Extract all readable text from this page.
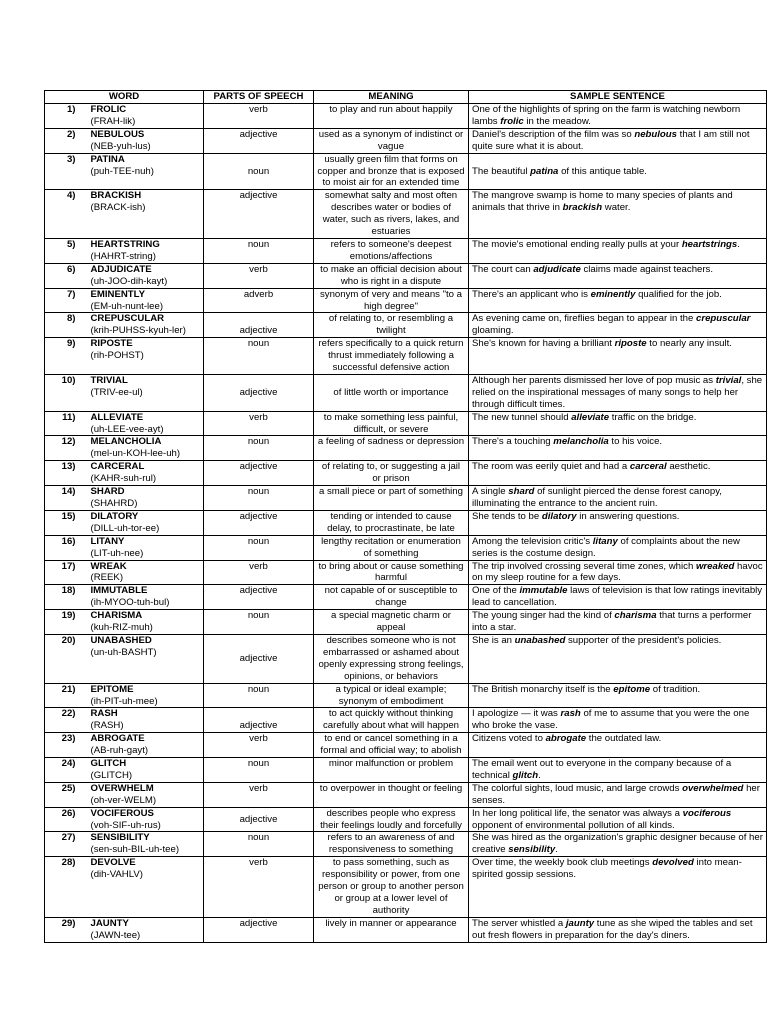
WORD		PARTS OF SPEECH	MEANING	SAMPLE SENTENCE
1)	FROLIC
(FRAH-lik)	verb	to play and run about happily	One of the highlights of spring on the farm is watching newborn lambs frolic in the meadow.
2)	NEBULOUS
(NEB-yuh-lus)	adjective	used as a synonym of indistinct or vague	Daniel's description of the film was so nebulous that I am still not quite sure what it is about.
3)	PATINA
(puh-TEE-nuh)	noun	usually green film that forms on copper and bronze that is exposed to moist air for an extended time	The beautiful patina of this antique table.
4)	BRACKISH
(BRACK-ish)	adjective	somewhat salty and most often describes water or bodies of water, such as rivers, lakes, and estuaries	The mangrove swamp is home to many species of plants and animals that thrive in brackish water.
5)	HEARTSTRING
(HAHRT-string)	noun	refers to someone's deepest emotions/affections	The movie's emotional ending really pulls at your heartstrings.
6)	ADJUDICATE
(uh-JOO-dih-kayt)	verb	to make an official decision about who is right in a dispute	The court can adjudicate claims made against teachers.
7)	EMINENTLY
(EM-uh-nunt-lee)	adverb	synonym of very and means "to a high degree"	There's an applicant who is eminently qualified for the job.
8)	CREPUSCULAR
(krih-PUHSS-kyuh-ler)	adjective	of relating to, or resembling a twilight	As evening came on, fireflies began to appear in the crepuscular gloaming.
9)	RIPOSTE
(rih-POHST)	noun	refers specifically to a quick return thrust immediately following a successful defensive action	She's known for having a brilliant riposte to nearly any insult.
10)	TRIVIAL
(TRIV-ee-ul)	adjective	of little worth or importance	Although her parents dismissed her love of pop music as trivial, she relied on the inspirational messages of many songs to help her through difficult times.
11)	ALLEVIATE
(uh-LEE-vee-ayt)	verb	to make something less painful, difficult, or severe	The new tunnel should alleviate traffic on the bridge.
12)	MELANCHOLIA
(mel-un-KOH-lee-uh)	noun	a feeling of sadness or depression	There's a touching melancholia to his voice.
13)	CARCERAL
(KAHR-suh-rul)	adjective	of relating to, or suggesting a jail or prison	The room was eerily quiet and had a carceral aesthetic.
14)	SHARD
(SHAHRD)	noun	a small piece or part of something	A single shard of sunlight pierced the dense forest canopy, illuminating the entrance to the ancient ruin.
15)	DILATORY
(DILL-uh-tor-ee)	adjective	tending or intended to cause delay, to procrastinate, be late	She tends to be dilatory in answering questions.
16)	LITANY
(LIT-uh-nee)	noun	lengthy recitation or enumeration of something	Among the television critic's litany of complaints about the new series is the costume design.
17)	WREAK
(REEK)	verb	to bring about or cause something harmful	The trip involved crossing several time zones, which wreaked havoc on my sleep routine for a few days.
18)	IMMUTABLE
(ih-MYOO-tuh-bul)	adjective	not capable of or susceptible to change	One of the immutable laws of television is that low ratings inevitably lead to cancellation.
19)	CHARISMA
(kuh-RIZ-muh)	noun	a special magnetic charm or appeal	The young singer had the kind of charisma that turns a performer into a star.
20)	UNABASHED
(un-uh-BASHT)	adjective	describes someone who is not embarrassed or ashamed about openly expressing strong feelings, opinions, or behaviors	She is an unabashed supporter of the president's policies.
21)	EPITOME
(ih-PIT-uh-mee)	noun	a typical or ideal example; synonym of embodiment	The British monarchy itself is the epitome of tradition.
22)	RASH
(RASH)	adjective	to act quickly without thinking carefully about what will happen	I apologize — it was rash of me to assume that you were the one who broke the vase.
23)	ABROGATE
(AB-ruh-gayt)	verb	to end or cancel something in a formal and official way; to abolish	Citizens voted to abrogate the outdated law.
24)	GLITCH
(GLITCH)	noun	minor malfunction or problem	The email went out to everyone in the company because of a technical glitch.
25)	OVERWHELM
(oh-ver-WELM)	verb	to overpower in thought or feeling	The colorful sights, loud music, and large crowds overwhelmed her senses.
26)	VOCIFEROUS
(voh-SIF-uh-rus)	adjective	describes people who express their feelings loudly and forcefully	In her long political life, the senator was always a vociferous opponent of environmental pollution of all kinds.
27)	SENSIBILITY
(sen-suh-BIL-uh-tee)	noun	refers to an awareness of and responsiveness to something	She was hired as the organization's graphic designer because of her creative sensibility.
28)	DEVOLVE
(dih-VAHLV)	verb	to pass something, such as responsibility or power, from one person or group to another person or group at a lower level of authority	Over time, the weekly book club meetings devolved into mean-spirited gossip sessions.
29)	JAUNTY
(JAWN-tee)	adjective	lively in manner or appearance	The server whistled a jaunty tune as she wiped the tables and set out fresh flowers in preparation for the day's diners.
